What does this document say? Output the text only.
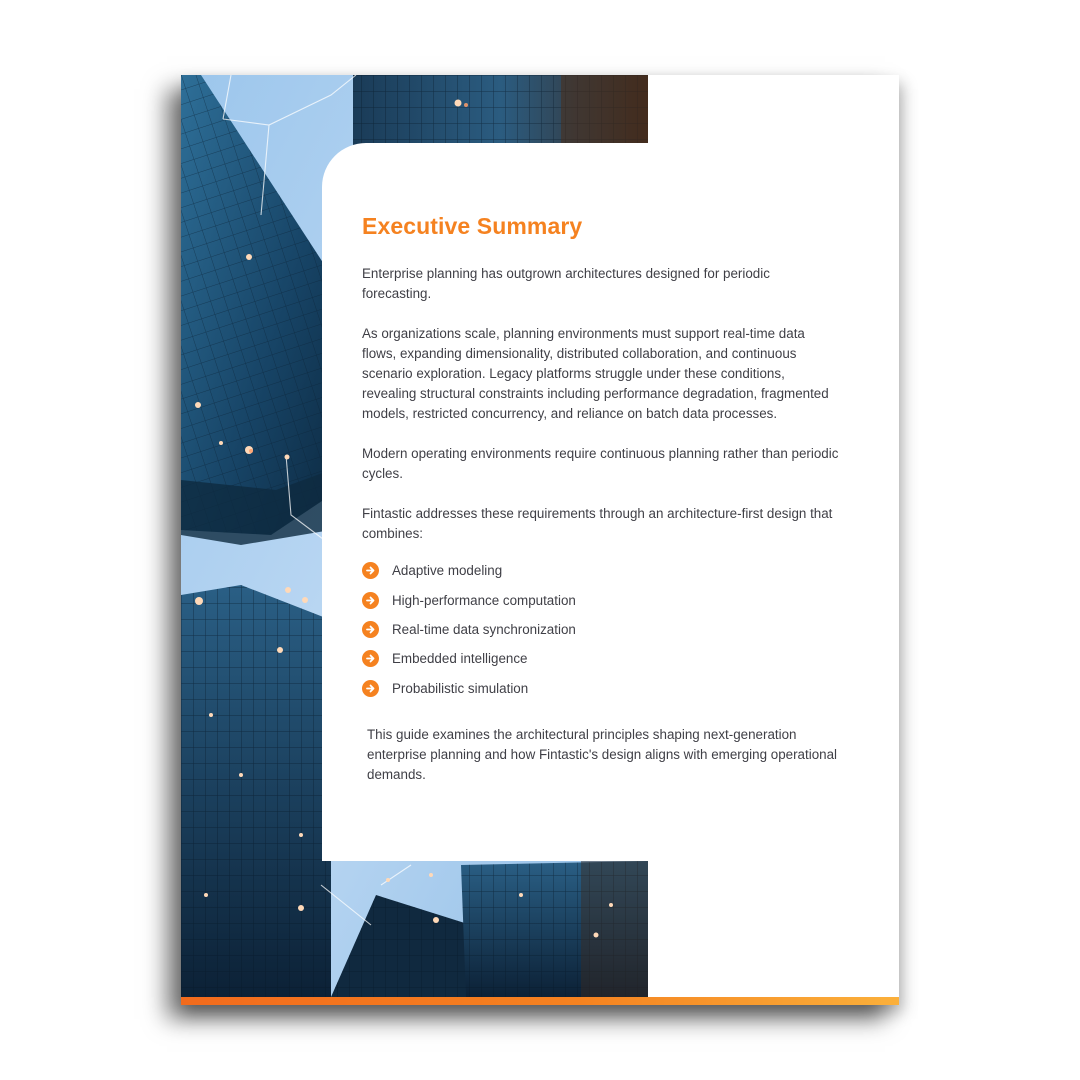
Executive Summary

Enterprise planning has outgrown architectures designed for periodic forecasting.

As organizations scale, planning environments must support real-time data flows, expanding dimensionality, distributed collaboration, and continuous scenario exploration. Legacy platforms struggle under these conditions, revealing structural constraints including performance degradation, fragmented models, restricted concurrency, and reliance on batch data processes.

Modern operating environments require continuous planning rather than periodic cycles.

Fintastic addresses these requirements through an architecture-first design that combines:

Adaptive modeling
High-performance computation
Real-time data synchronization
Embedded intelligence
Probabilistic simulation

This guide examines the architectural principles shaping next-generation enterprise planning and how Fintastic's design aligns with emerging operational demands.
